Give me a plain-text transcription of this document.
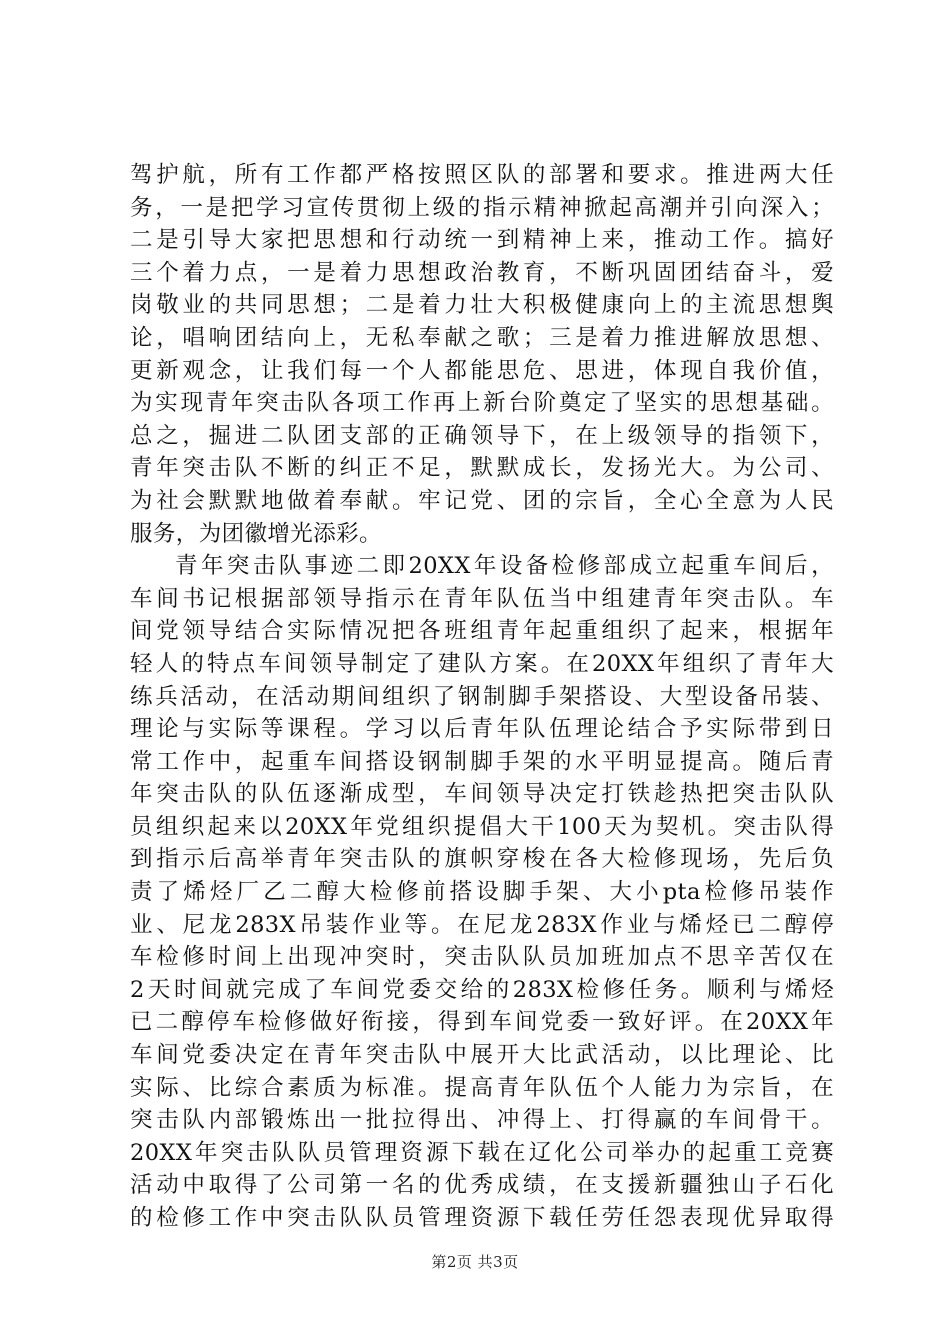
驾护航，所有工作都严格按照区队的部署和要求。推进两大任
务，一是把学习宣传贯彻上级的指示精神掀起高潮并引向深入；
二是引导大家把思想和行动统一到精神上来，推动工作。搞好
三个着力点，一是着力思想政治教育，不断巩固团结奋斗，爱
岗敬业的共同思想；二是着力壮大积极健康向上的主流思想舆
论，唱响团结向上，无私奉献之歌；三是着力推进解放思想、
更新观念，让我们每一个人都能思危、思进，体现自我价值，
为实现青年突击队各项工作再上新台阶奠定了坚实的思想基础。
总之，掘进二队团支部的正确领导下，在上级领导的指领下，
青年突击队不断的纠正不足，默默成长，发扬光大。为公司、
为社会默默地做着奉献。牢记党、团的宗旨，全心全意为人民
服务，为团徽增光添彩。
青年突击队事迹二即20XX年设备检修部成立起重车间后，
车间书记根据部领导指示在青年队伍当中组建青年突击队。车
间党领导结合实际情况把各班组青年起重组织了起来，根据年
轻人的特点车间领导制定了建队方案。在20XX年组织了青年大
练兵活动，在活动期间组织了钢制脚手架搭设、大型设备吊装、
理论与实际等课程。学习以后青年队伍理论结合予实际带到日
常工作中，起重车间搭设钢制脚手架的水平明显提高。随后青
年突击队的队伍逐渐成型，车间领导决定打铁趁热把突击队队
员组织起来以20XX年党组织提倡大干100天为契机。突击队得
到指示后高举青年突击队的旗帜穿梭在各大检修现场，先后负
责了烯烃厂乙二醇大检修前搭设脚手架、大小pta检修吊装作
业、尼龙283X吊装作业等。在尼龙283X作业与烯烃已二醇停
车检修时间上出现冲突时，突击队队员加班加点不思辛苦仅在
2天时间就完成了车间党委交给的283X检修任务。顺利与烯烃
已二醇停车检修做好衔接，得到车间党委一致好评。在20XX年
车间党委决定在青年突击队中展开大比武活动，以比理论、比
实际、比综合素质为标准。提高青年队伍个人能力为宗旨，在
突击队内部锻炼出一批拉得出、冲得上、打得赢的车间骨干。
20XX年突击队队员管理资源下载在辽化公司举办的起重工竞赛
活动中取得了公司第一名的优秀成绩，在支援新疆独山子石化
的检修工作中突击队队员管理资源下载任劳任怨表现优异取得
第2页 共3页
